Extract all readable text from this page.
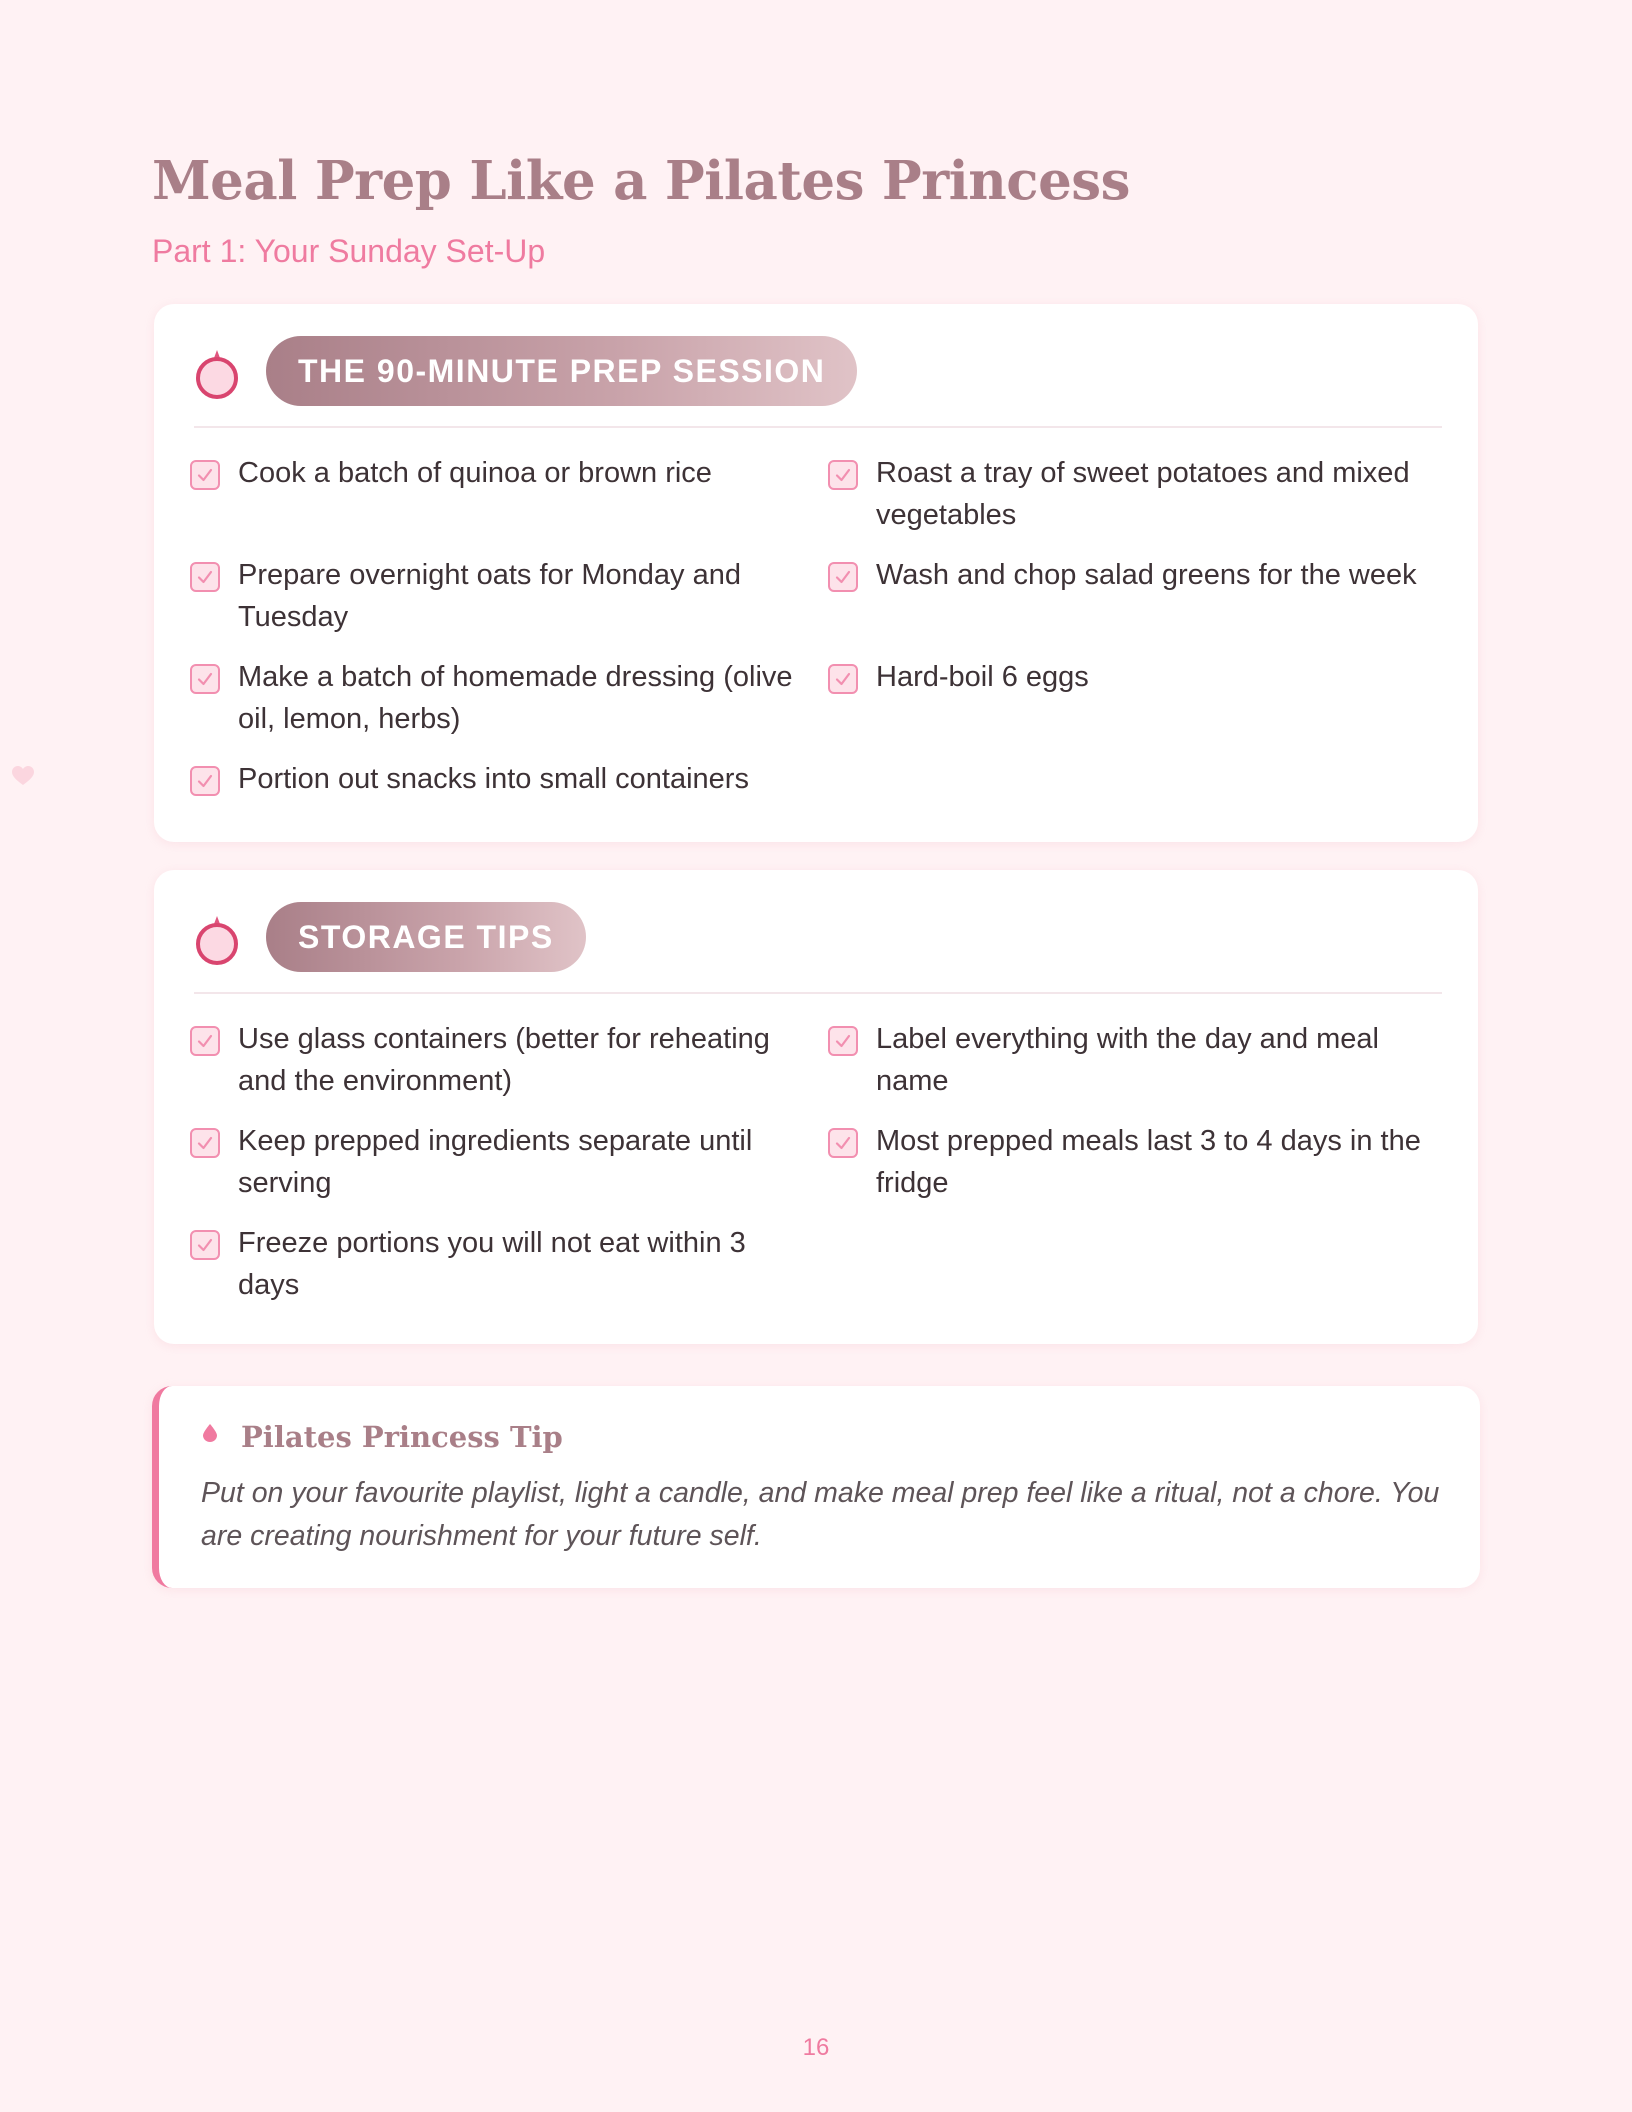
Meal Prep Like a Pilates Princess
Part 1: Your Sunday Set-Up
THE 90-MINUTE PREP SESSION
Cook a batch of quinoa or brown rice	Roast a tray of sweet potatoes and mixed vegetables
Prepare overnight oats for Monday and Tuesday
Wash and chop salad greens for the week
Make a batch of homemade dressing (olive oil, lemon, herbs)
Hard-boil 6 eggs
Portion out snacks into small containers
STORAGE TIPS
Use glass containers (better for reheating and the environment)
Label everything with the day and meal name
Keep prepped ingredients separate until serving
Most prepped meals last 3 to 4 days in the fridge
Freeze portions you will not eat within 3 days
Pilates Princess Tip

Put on your favourite playlist, light a candle, and make meal prep feel like a ritual, not a chore. You are creating nourishment for your future self.

16
